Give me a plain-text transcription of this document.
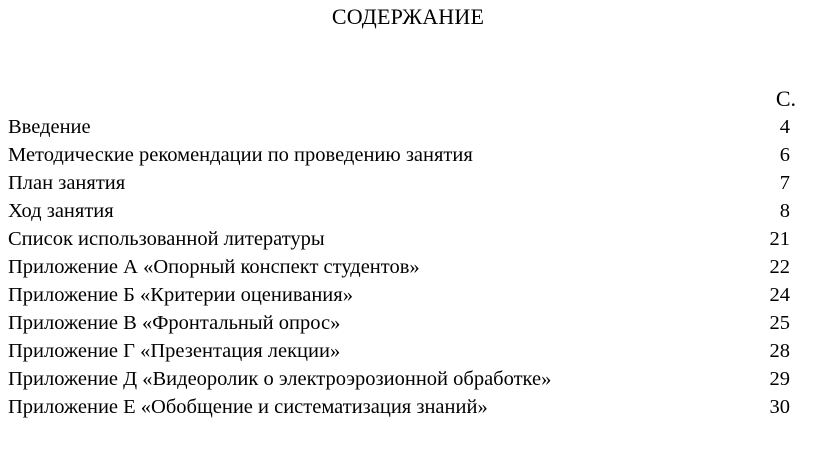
СОДЕРЖАНИЕ
С.
Введение	4
Методические рекомендации по проведению занятия	6
План занятия	7
Ход занятия	8
Список использованной литературы	21
Приложение А «Опорный конспект студентов»	22
Приложение Б «Критерии оценивания»	24
Приложение В «Фронтальный опрос»	25
Приложение Г «Презентация лекции»	28
Приложение Д «Видеоролик о электроэрозионной обработке»	29
Приложение Е «Обобщение и систематизация знаний»	30
